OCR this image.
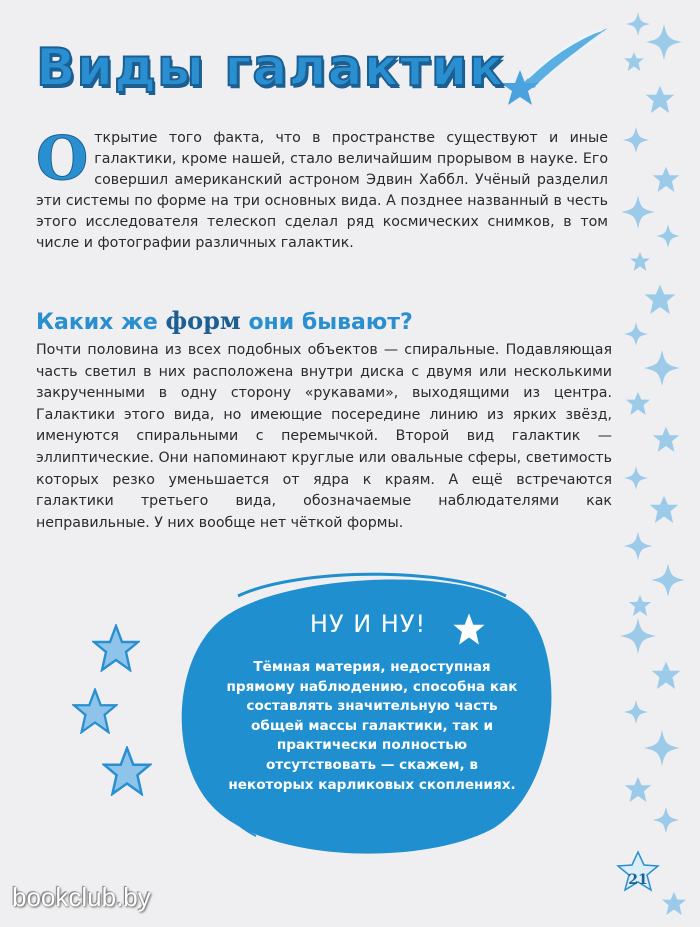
Виды галактик
Открытие того факта, что в пространстве существуют и иные галактики, кроме нашей, стало величайшим прорывом в науке. Его совершил американский астроном Эдвин Хаббл. Учёный разделил эти системы по форме на три основных вида. А позднее названный в честь этого исследователя телескоп сделал ряд космических снимков, в том числе и фотографии различных галактик.
Каких же форм они бывают?
Почти половина из всех подобных объектов — спиральные. Подавляющая часть светил в них расположена внутри диска с двумя или несколькими закрученными в одну сторону «рукавами», выходящими из центра. Галактики этого вида, но имеющие посередине линию из ярких звёзд, именуются спиральными с перемычкой. Второй вид галактик — эллиптические. Они напоминают круглые или овальные сферы, светимость которых резко уменьшается от ядра к краям. А ещё встречаются галактики третьего вида, обозначаемые наблюдателями как неправильные. У них вообще нет чёткой формы.
НУ И НУ!
Тёмная материя, недоступная прямому наблюдению, способна как составлять значительную часть общей массы галактики, так и практически полностью отсутствовать — скажем, в некоторых карликовых скоплениях.
21
bookclub.by
